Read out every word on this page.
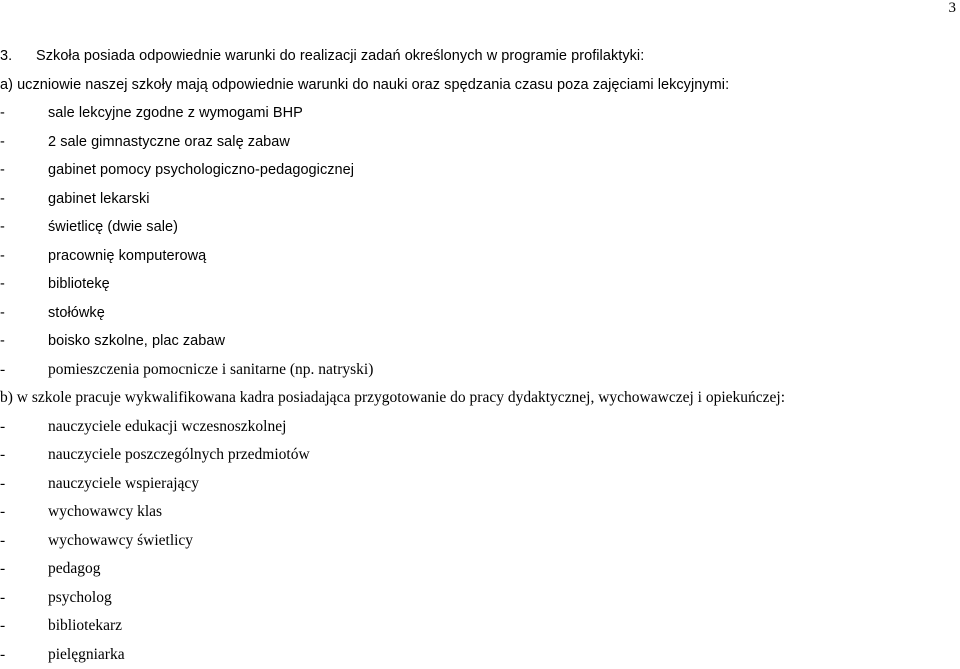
3
3. Szkoła posiada odpowiednie warunki do realizacji zadań określonych w programie profilaktyki:
a) uczniowie naszej szkoły mają odpowiednie warunki do nauki oraz spędzania czasu poza zajęciami lekcyjnymi:
-	sale lekcyjne zgodne z wymogami BHP
-	2 sale gimnastyczne oraz salę zabaw
-	gabinet pomocy psychologiczno-pedagogicznej
-	gabinet lekarski
-	świetlicę (dwie sale)
-	pracownię komputerową
-	bibliotekę
-	stołówkę
-	boisko szkolne, plac zabaw
-	pomieszczenia pomocnicze i sanitarne (np. natryski)
b) w szkole pracuje wykwalifikowana kadra posiadająca przygotowanie do pracy dydaktycznej, wychowawczej i opiekuńczej:
-	nauczyciele edukacji wczesnoszkolnej
-	nauczyciele poszczególnych przedmiotów
-	nauczyciele wspierający
-	wychowawcy klas
-	wychowawcy świetlicy
-	pedagog
-	psycholog
-	bibliotekarz
-	pielęgniarka
